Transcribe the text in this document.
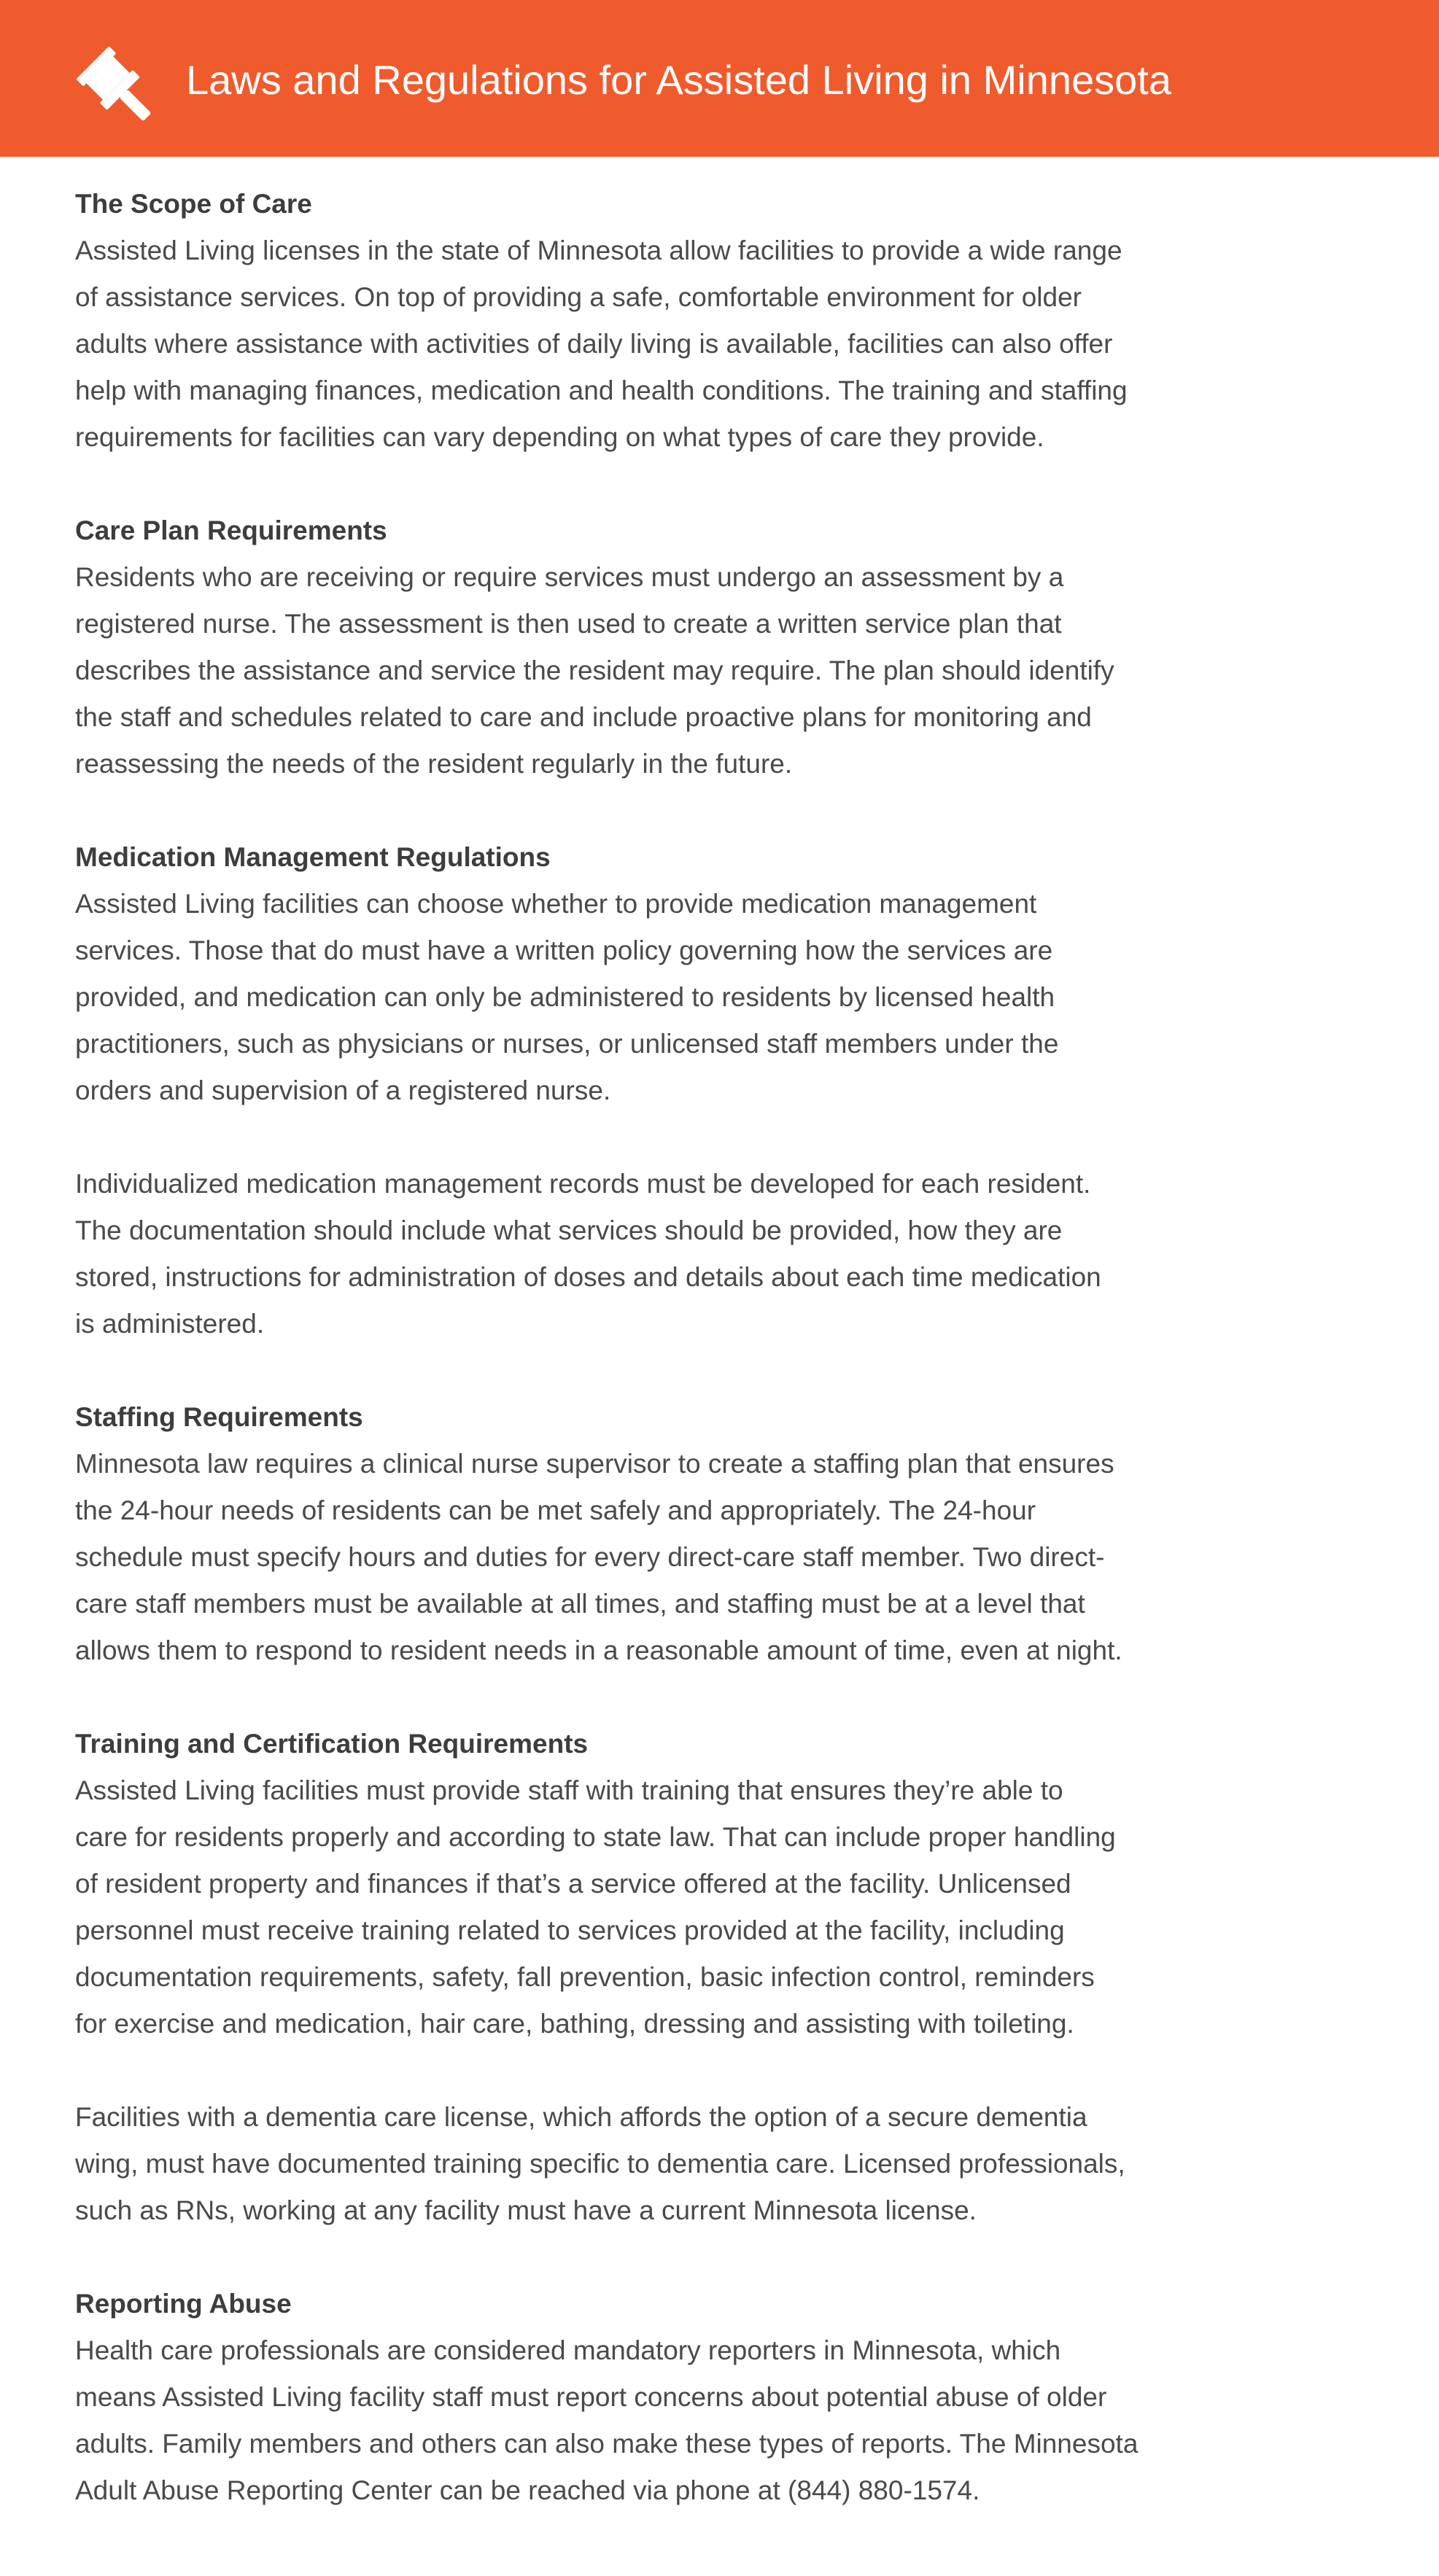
Laws and Regulations for Assisted Living in Minnesota
The Scope of Care
Assisted Living licenses in the state of Minnesota allow facilities to provide a wide range
of assistance services. On top of providing a safe, comfortable environment for older
adults where assistance with activities of daily living is available, facilities can also offer
help with managing finances, medication and health conditions. The training and staffing
requirements for facilities can vary depending on what types of care they provide.
Care Plan Requirements
Residents who are receiving or require services must undergo an assessment by a
registered nurse. The assessment is then used to create a written service plan that
describes the assistance and service the resident may require. The plan should identify
the staff and schedules related to care and include proactive plans for monitoring and
reassessing the needs of the resident regularly in the future.
Medication Management Regulations
Assisted Living facilities can choose whether to provide medication management
services. Those that do must have a written policy governing how the services are
provided, and medication can only be administered to residents by licensed health
practitioners, such as physicians or nurses, or unlicensed staff members under the
orders and supervision of a registered nurse.
Individualized medication management records must be developed for each resident.
The documentation should include what services should be provided, how they are
stored, instructions for administration of doses and details about each time medication
is administered.
Staffing Requirements
Minnesota law requires a clinical nurse supervisor to create a staffing plan that ensures
the 24-hour needs of residents can be met safely and appropriately. The 24-hour
schedule must specify hours and duties for every direct-care staff member. Two direct-
care staff members must be available at all times, and staffing must be at a level that
allows them to respond to resident needs in a reasonable amount of time, even at night.
Training and Certification Requirements
Assisted Living facilities must provide staff with training that ensures they’re able to
care for residents properly and according to state law. That can include proper handling
of resident property and finances if that’s a service offered at the facility. Unlicensed
personnel must receive training related to services provided at the facility, including
documentation requirements, safety, fall prevention, basic infection control, reminders
for exercise and medication, hair care, bathing, dressing and assisting with toileting.
Facilities with a dementia care license, which affords the option of a secure dementia
wing, must have documented training specific to dementia care. Licensed professionals,
such as RNs, working at any facility must have a current Minnesota license.
Reporting Abuse
Health care professionals are considered mandatory reporters in Minnesota, which
means Assisted Living facility staff must report concerns about potential abuse of older
adults. Family members and others can also make these types of reports. The Minnesota
Adult Abuse Reporting Center can be reached via phone at (844) 880-1574.
